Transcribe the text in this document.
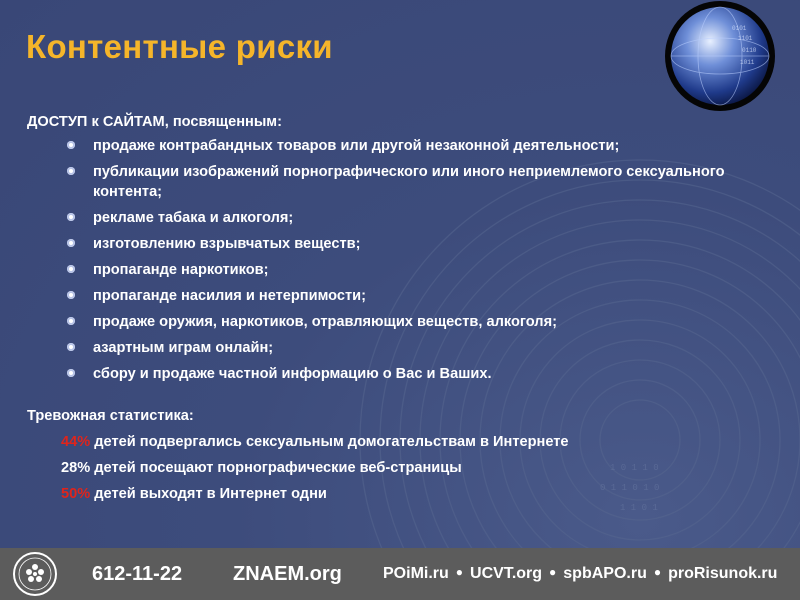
1 0 1 1 0
0 1 1 0 1 0
1 1 0 1
Контентные риски	0101
1101
0110
1011
ДОСТУП к САЙТАМ, посвященным:
продаже контрабандных товаров или другой незаконной деятельности;
публикации изображений порнографического или иного неприемлемого сексуального контента;
рекламе табака и алкоголя;
изготовлению взрывчатых веществ;
пропаганде наркотиков;
пропаганде насилия и нетерпимости;
продаже оружия, наркотиков, отравляющих веществ, алкоголя;
азартным играм онлайн;
сбору и продаже частной информацию о Вас и Ваших.
Тревожная статистика:
44% детей подвергались сексуальным домогательствам в Интернете
28% детей посещают порнографические веб-страницы
50% детей выходят в Интернет одни
612-11-22	ZNAEM.org	POiMi.ru ● UCVT.org ● spbAPO.ru ● proRisunok.ru
